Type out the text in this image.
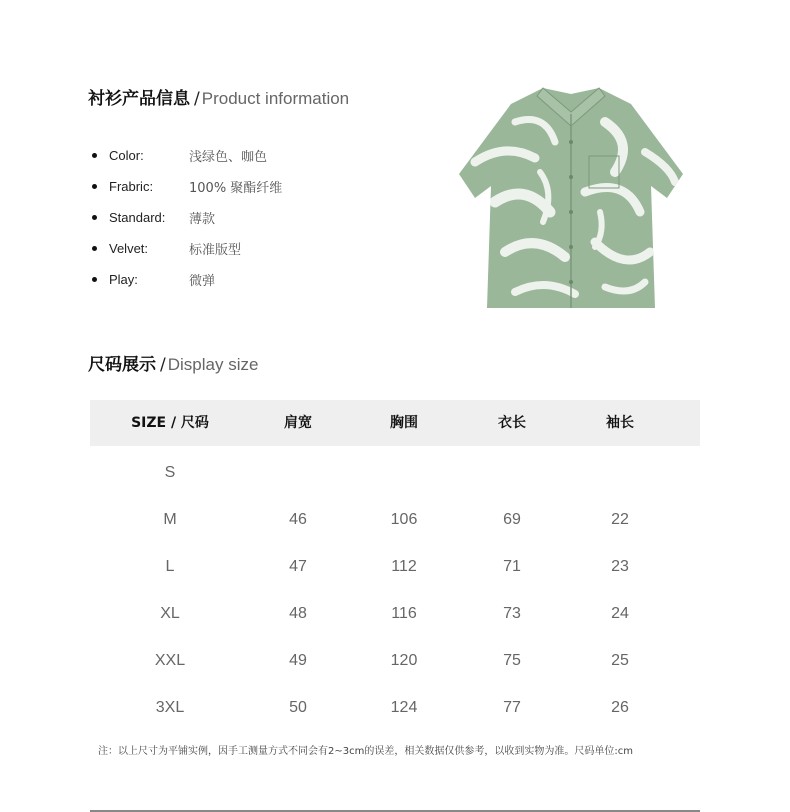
衬衫产品信息 / Product information
Color:	浅绿色、咖色
Frabric:	100% 聚酯纤维
Standard:	薄款
Velvet:	标准版型
Play:	微弹
尺码展示 / Display size
SIZE / 尺码	肩宽	胸围	衣长	袖长
S
M	46	106	69	22
L	47	112	71	23
XL	48	116	73	24
XXL	49	120	75	25
3XL	50	124	77	26
注：以上尺寸为平铺实例，因手工测量方式不同会有2~3cm的误差，相关数据仅供参考，以收到实物为准。尺码单位:cm
